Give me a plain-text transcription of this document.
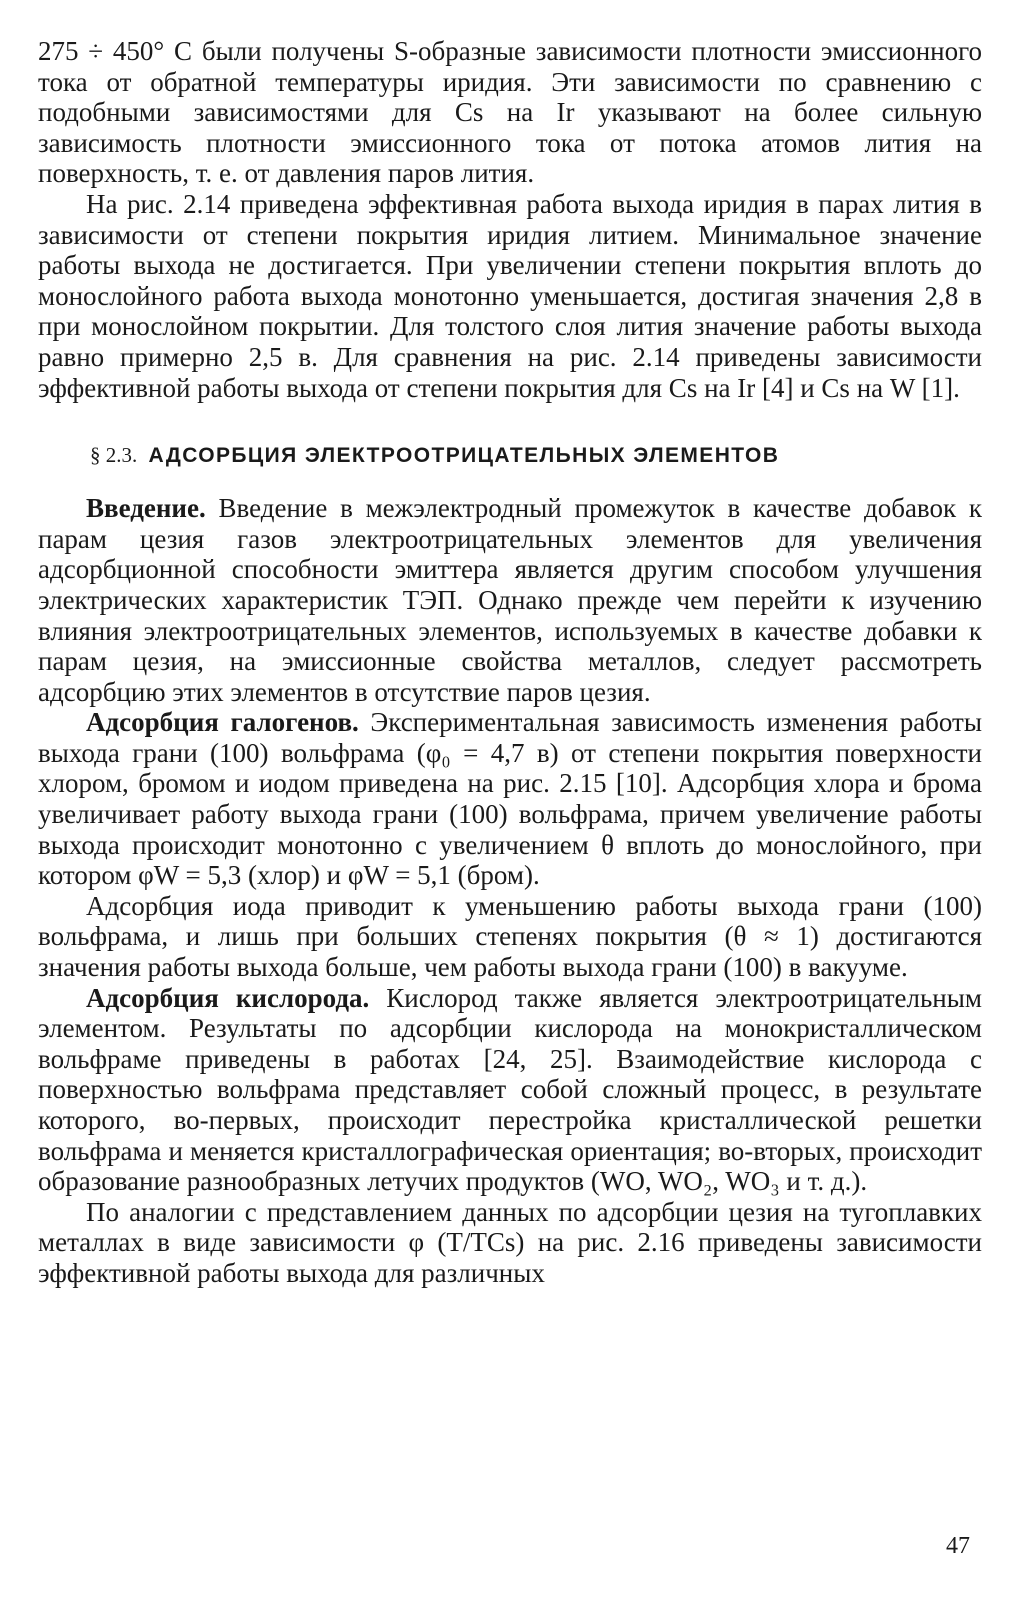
275 ÷ 450° С были получены S-образные зависимости плотности эмиссионного тока от обратной температуры иридия. Эти зависимости по сравнению с подобными зависимостями для Cs на Ir указывают на более сильную зависимость плотности эмиссионного тока от потока атомов лития на поверхность, т. е. от давления паров лития.

На рис. 2.14 приведена эффективная работа выхода иридия в парах лития в зависимости от степени покрытия иридия литием. Минимальное значение работы выхода не достигается. При увеличении степени покрытия вплоть до монослойного работа выхода монотонно уменьшается, достигая значения 2,8 в при монослойном покрытии. Для толстого слоя лития значение работы выхода равно примерно 2,5 в. Для сравнения на рис. 2.14 приведены зависимости эффективной работы выхода от степени покрытия для Cs на Ir [4] и Cs на W [1].

§ 2.3. АДСОРБЦИЯ ЭЛЕКТРООТРИЦАТЕЛЬНЫХ ЭЛЕМЕНТОВ

Введение. Введение в межэлектродный промежуток в качестве добавок к парам цезия газов электроотрицательных элементов для увеличения адсорбционной способности эмиттера является другим способом улучшения электрических характеристик ТЭП. Однако прежде чем перейти к изучению влияния электроотрицательных элементов, используемых в качестве добавки к парам цезия, на эмиссионные свойства металлов, следует рассмотреть адсорбцию этих элементов в отсутствие паров цезия.

Адсорбция галогенов. Экспериментальная зависимость изменения работы выхода грани (100) вольфрама (φ₀ = 4,7 в) от степени покрытия поверхности хлором, бромом и иодом приведена на рис. 2.15 [10]. Адсорбция хлора и брома увеличивает работу выхода грани (100) вольфрама, причем увеличение работы выхода происходит монотонно с увеличением θ вплоть до монослойного, при котором φW = 5,3 (хлор) и φW = 5,1 (бром).

Адсорбция иода приводит к уменьшению работы выхода грани (100) вольфрама, и лишь при больших степенях покрытия (θ ≈ 1) достигаются значения работы выхода больше, чем работы выхода грани (100) в вакууме.

Адсорбция кислорода. Кислород также является электроотрицательным элементом. Результаты по адсорбции кислорода на монокристаллическом вольфраме приведены в работах [24, 25]. Взаимодействие кислорода с поверхностью вольфрама представляет собой сложный процесс, в результате которого, во-первых, происходит перестройка кристаллической решетки вольфрама и меняется кристаллографическая ориентация; во-вторых, происходит образование разнообразных летучих продуктов (WO, WO₂, WO₃ и т. д.).

По аналогии с представлением данных по адсорбции цезия на тугоплавких металлах в виде зависимости φ (T/TCs) на рис. 2.16 приведены зависимости эффективной работы выхода для различных

47
